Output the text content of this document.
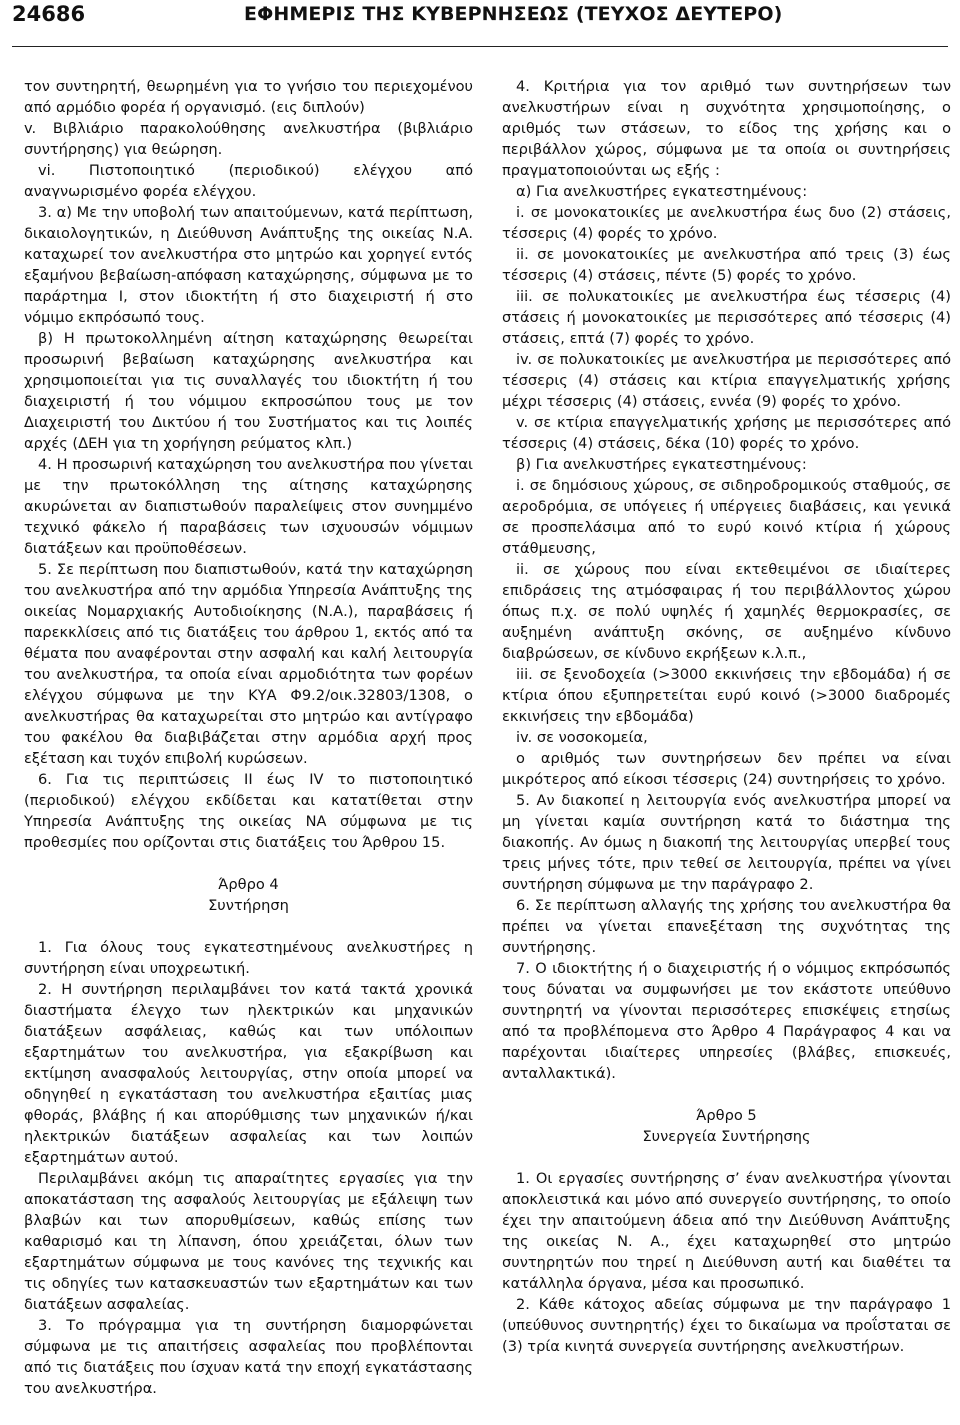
24686	ΕΦΗΜΕΡΙΣ ΤΗΣ ΚΥΒΕΡΝΗΣΕΩΣ (ΤΕΥΧΟΣ ΔΕΥΤΕΡΟ)

τον συντηρητή, θεωρημένη για το γνήσιο του περιεχομένου από αρμόδιο φορέα ή οργανισμό. (εις διπλούν)

v. Βιβλιάριο παρακολούθησης ανελκυστήρα (βιβλιάριο συντήρησης) για θεώρηση.

vi. Πιστοποιητικό (περιοδικού) ελέγχου από αναγνωρισμένο φορέα ελέγχου.

3. α) Με την υποβολή των απαιτούμενων, κατά περίπτωση, δικαιολογητικών, η Διεύθυνση Ανάπτυξης της οικείας Ν.Α. καταχωρεί τον ανελκυστήρα στο μητρώο και χορηγεί εντός εξαμήνου βεβαίωση-απόφαση καταχώρησης, σύμφωνα με το παράρτημα Ι, στον ιδιοκτήτη ή στο διαχειριστή ή στο νόμιμο εκπρόσωπό τους.

β) Η πρωτοκολλημένη αίτηση καταχώρησης θεωρείται προσωρινή βεβαίωση καταχώρησης ανελκυστήρα και χρησιμοποιείται για τις συναλλαγές του ιδιοκτήτη ή του διαχειριστή ή του νόμιμου εκπροσώπου τους με τον Διαχειριστή του Δικτύου ή του Συστήματος και τις λοιπές αρχές (ΔΕΗ για τη χορήγηση ρεύματος κλπ.)

4. Η προσωρινή καταχώρηση του ανελκυστήρα που γίνεται με την πρωτοκόλληση της αίτησης καταχώρησης ακυρώνεται αν διαπιστωθούν παραλείψεις στον συνημμένο τεχνικό φάκελο ή παραβάσεις των ισχυουσών νόμιμων διατάξεων και προϋποθέσεων.

5. Σε περίπτωση που διαπιστωθούν, κατά την καταχώρηση του ανελκυστήρα από την αρμόδια Υπηρεσία Ανάπτυξης της οικείας Νομαρχιακής Αυτοδιοίκησης (Ν.Α.), παραβάσεις ή παρεκκλίσεις από τις διατάξεις του άρθρου 1, εκτός από τα θέματα που αναφέρονται στην ασφαλή και καλή λειτουργία του ανελκυστήρα, τα οποία είναι αρμοδιότητα των φορέων ελέγχου σύμφωνα με την ΚΥΑ Φ9.2/οικ.32803/1308, ο ανελκυστήρας θα καταχωρείται στο μητρώο και αντίγραφο του φακέλου θα διαβιβάζεται στην αρμόδια αρχή προς εξέταση και τυχόν επιβολή κυρώσεων.

6. Για τις περιπτώσεις ΙΙ έως ΙV το πιστοποιητικό (περιοδικού) ελέγχου εκδίδεται και κατατίθεται στην Υπηρεσία Ανάπτυξης της οικείας ΝΑ σύμφωνα με τις προθεσμίες που ορίζονται στις διατάξεις του Άρθρου 15.

Άρθρο 4

Συντήρηση

1. Για όλους τους εγκατεστημένους ανελκυστήρες η συντήρηση είναι υποχρεωτική.

2. Η συντήρηση περιλαμβάνει τον κατά τακτά χρονικά διαστήματα έλεγχο των ηλεκτρικών και μηχανικών διατάξεων ασφάλειας, καθώς και των υπόλοιπων εξαρτημάτων του ανελκυστήρα, για εξακρίβωση και εκτίμηση ανασφαλούς λειτουργίας, στην οποία μπορεί να οδηγηθεί η εγκατάσταση του ανελκυστήρα εξαιτίας μιας φθοράς, βλάβης ή και απορύθμισης των μηχανικών ή/και ηλεκτρικών διατάξεων ασφαλείας και των λοιπών εξαρτημάτων αυτού.

Περιλαμβάνει ακόμη τις απαραίτητες εργασίες για την αποκατάσταση της ασφαλούς λειτουργίας με εξάλειψη των βλαβών και των απορυθμίσεων, καθώς επίσης των καθαρισμό και τη λίπανση, όπου χρειάζεται, όλων των εξαρτημάτων σύμφωνα με τους κανόνες της τεχνικής και τις οδηγίες των κατασκευαστών των εξαρτημάτων και των διατάξεων ασφαλείας.

3. Το πρόγραμμα για τη συντήρηση διαμορφώνεται σύμφωνα με τις απαιτήσεις ασφαλείας που προβλέπονται από τις διατάξεις που ίσχυαν κατά την εποχή εγκατάστασης του ανελκυστήρα.

4. Κριτήρια για τον αριθμό των συντηρήσεων των ανελκυστήρων είναι η συχνότητα χρησιμοποίησης, ο αριθμός των στάσεων, το είδος της χρήσης και ο περιβάλλον χώρος, σύμφωνα με τα οποία οι συντηρήσεις πραγματοποιούνται ως εξής :

α) Για ανελκυστήρες εγκατεστημένους:

i. σε μονοκατοικίες με ανελκυστήρα έως δυο (2) στάσεις, τέσσερις (4) φορές το χρόνο.

ii. σε μονοκατοικίες με ανελκυστήρα από τρεις (3) έως τέσσερις (4) στάσεις, πέντε (5) φορές το χρόνο.

iii. σε πολυκατοικίες με ανελκυστήρα έως τέσσερις (4) στάσεις ή μονοκατοικίες με περισσότερες από τέσσερις (4) στάσεις, επτά (7) φορές το χρόνο.

iv. σε πολυκατοικίες με ανελκυστήρα με περισσότερες από τέσσερις (4) στάσεις και κτίρια επαγγελματικής χρήσης μέχρι τέσσερις (4) στάσεις, εννέα (9) φορές το χρόνο.

v. σε κτίρια επαγγελματικής χρήσης με περισσότερες από τέσσερις (4) στάσεις, δέκα (10) φορές το χρόνο.

β) Για ανελκυστήρες εγκατεστημένους:

i. σε δημόσιους χώρους, σε σιδηροδρομικούς σταθμούς, σε αεροδρόμια, σε υπόγειες ή υπέργειες διαβάσεις, και γενικά σε προσπελάσιμα από το ευρύ κοινό κτίρια ή χώρους στάθμευσης,

ii. σε χώρους που είναι εκτεθειμένοι σε ιδιαίτερες επιδράσεις της ατμόσφαιρας ή του περιβάλλοντος χώρου όπως π.χ. σε πολύ υψηλές ή χαμηλές θερμοκρασίες, σε αυξημένη ανάπτυξη σκόνης, σε αυξημένο κίνδυνο διαβρώσεων, σε κίνδυνο εκρήξεων κ.λ.π.,

iii. σε ξενοδοχεία (>3000 εκκινήσεις την εβδομάδα) ή σε κτίρια όπου εξυπηρετείται ευρύ κοινό (>3000 διαδρομές εκκινήσεις την εβδομάδα)

iv. σε νοσοκομεία,

ο αριθμός των συντηρήσεων δεν πρέπει να είναι μικρότερος από είκοσι τέσσερις (24) συντηρήσεις το χρόνο.

5. Αν διακοπεί η λειτουργία ενός ανελκυστήρα μπορεί να μη γίνεται καμία συντήρηση κατά το διάστημα της διακοπής. Αν όμως η διακοπή της λειτουργίας υπερβεί τους τρεις μήνες τότε, πριν τεθεί σε λειτουργία, πρέπει να γίνει συντήρηση σύμφωνα με την παράγραφο 2.

6. Σε περίπτωση αλλαγής της χρήσης του ανελκυστήρα θα πρέπει να γίνεται επανεξέταση της συχνότητας της συντήρησης.

7. Ο ιδιοκτήτης ή ο διαχειριστής ή ο νόμιμος εκπρόσωπός τους δύναται να συμφωνήσει με τον εκάστοτε υπεύθυνο συντηρητή να γίνονται περισσότερες επισκέψεις ετησίως από τα προβλέπομενα στο Άρθρο 4 Παράγραφος 4 και να παρέχονται ιδιαίτερες υπηρεσίες (βλάβες, επισκευές, ανταλλακτικά).

Άρθρο 5

Συνεργεία Συντήρησης

1. Οι εργασίες συντήρησης σ’ έναν ανελκυστήρα γίνονται αποκλειστικά και μόνο από συνεργείο συντήρησης, το οποίο έχει την απαιτούμενη άδεια από την Διεύθυνση Ανάπτυξης της οικείας Ν. Α., έχει καταχωρηθεί στο μητρώο συντηρητών που τηρεί η Διεύθυνση αυτή και διαθέτει τα κατάλληλα όργανα, μέσα και προσωπικό.

2. Κάθε κάτοχος αδείας σύμφωνα με την παράγραφο 1 (υπεύθυνος συντηρητής) έχει το δικαίωμα να προΐσταται σε (3) τρία κινητά συνεργεία συντήρησης ανελκυστήρων.
